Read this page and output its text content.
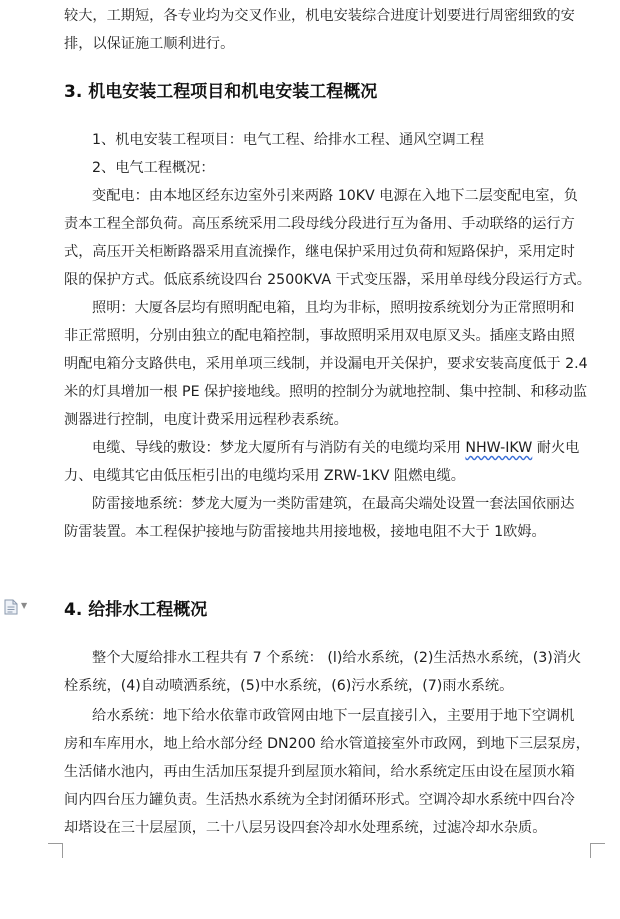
较大，工期短，各专业均为交叉作业，机电安装综合进度计划要进行周密细致的安
排，以保证施工顺利进行。
3. 机电安装工程项目和机电安装工程概况
1、机电安装工程项目：电气工程、给排水工程、通风空调工程
2、电气工程概况：
变配电：由本地区经东边室外引来两路 10KV 电源在入地下二层变配电室，负
责本工程全部负荷。高压系统采用二段母线分段进行互为备用、手动联络的运行方
式，高压开关柜断路器采用直流操作，继电保护采用过负荷和短路保护，采用定时
限的保护方式。低底系统设四台 2500KVA 干式变压器，采用单母线分段运行方式。
照明：大厦各层均有照明配电箱，且均为非标，照明按系统划分为正常照明和
非正常照明，分别由独立的配电箱控制，事故照明采用双电原叉头。插座支路由照
明配电箱分支路供电，采用单项三线制，并设漏电开关保护，要求安装高度低于 2.4
米的灯具增加一根 PE 保护接地线。照明的控制分为就地控制、集中控制、和移动监
测器进行控制，电度计费采用远程秒表系统。
电缆、导线的敷设：梦龙大厦所有与消防有关的电缆均采用 NHW-IKW 耐火电
力、电缆其它由低压柜引出的电缆均采用 ZRW-1KV 阻燃电缆。
防雷接地系统：梦龙大厦为一类防雷建筑，在最高尖端处设置一套法国依丽达
防雷装置。本工程保护接地与防雷接地共用接地极，接地电阻不大于 1欧姆。
▼ 4. 给排水工程概况
整个大厦给排水工程共有 7 个系统： (l)给水系统，(2)生活热水系统，(3)消火
栓系统，(4)自动喷洒系统，(5)中水系统，(6)污水系统，(7)雨水系统。
给水系统：地下给水依靠市政管网由地下一层直接引入，主要用于地下空调机
房和车库用水，地上给水部分经 DN200 给水管道接室外市政网，到地下三层泵房，
生活储水池内，再由生活加压泵提升到屋顶水箱间，给水系统定压由设在屋顶水箱
间内四台压力罐负责。生活热水系统为全封闭循环形式。空调冷却水系统中四台冷
却塔设在三十层屋顶，二十八层另设四套冷却水处理系统，过滤冷却水杂质。
